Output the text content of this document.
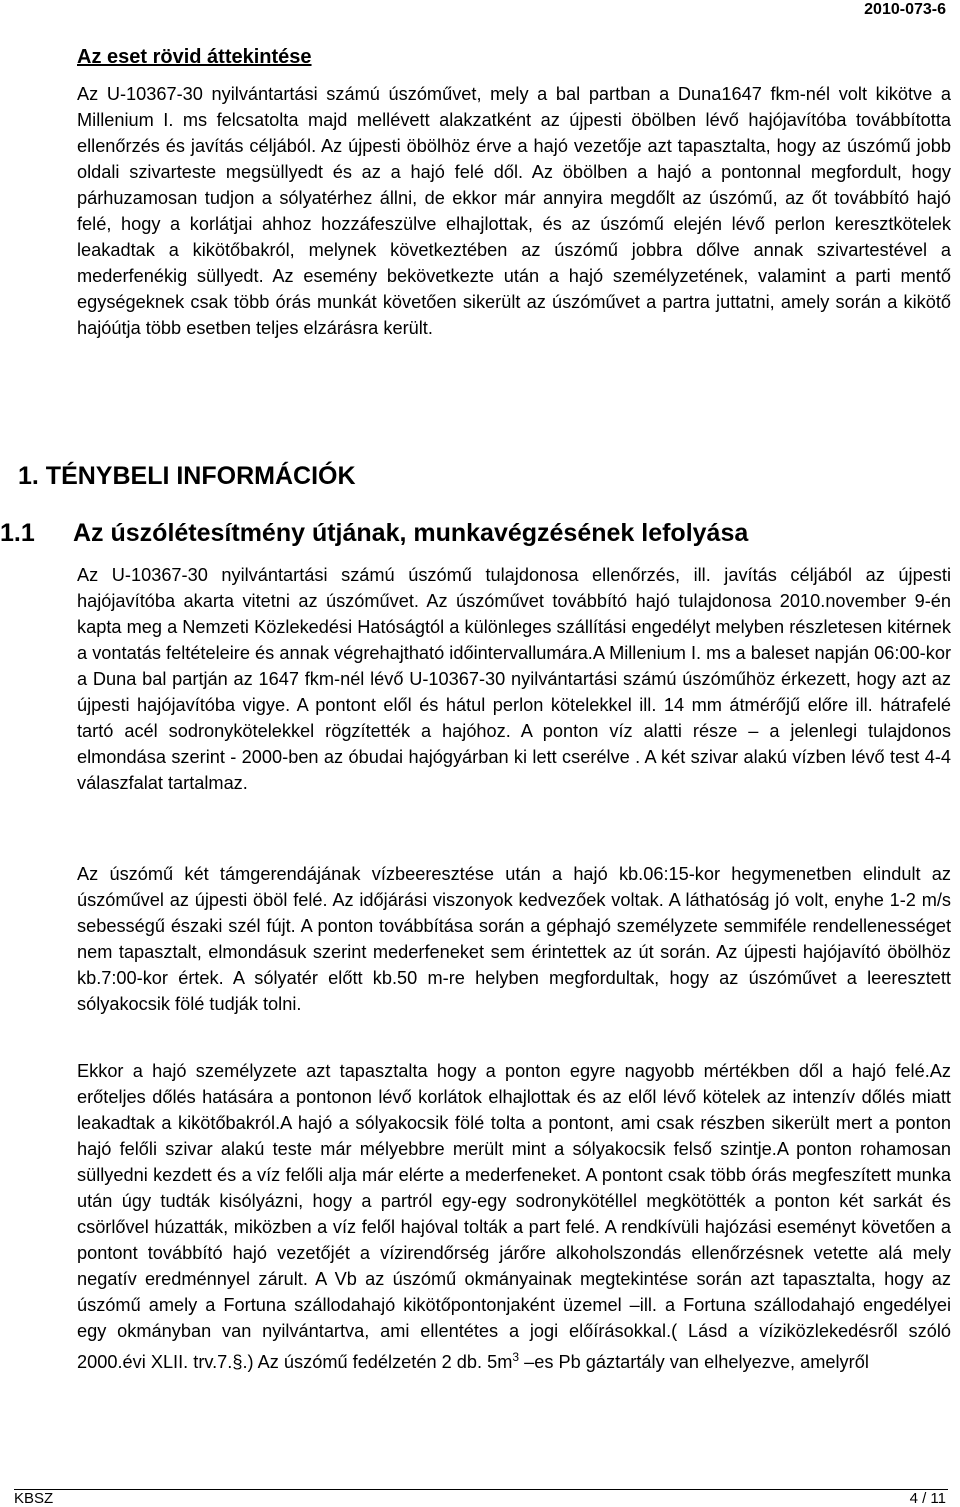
2010-073-6
Az eset rövid áttekintése

Az U-10367-30 nyilvántartási számú úszóművet, mely a bal partban a Duna1647 fkm-nél volt kikötve a Millenium I. ms felcsatolta majd mellévett alakzatként az újpesti öbölben lévő hajójavítóba továbbította ellenőrzés és javítás céljából. Az újpesti öbölhöz érve a hajó vezetője azt tapasztalta, hogy az úszómű jobb oldali szivarteste megsüllyedt és az a hajó felé dől. Az öbölben a hajó a pontonnal megfordult, hogy párhuzamosan tudjon a sólyatérhez állni, de ekkor már annyira megdőlt az úszómű, az őt továbbító hajó felé, hogy a korlátjai ahhoz hozzáfeszülve elhajlottak, és az úszómű elején lévő perlon keresztkötelek leakadtak a kikötőbakról, melynek következtében az úszómű jobbra dőlve annak szivartestével a mederfenékig süllyedt. Az esemény bekövetkezte után a hajó személyzetének, valamint a parti mentő egységeknek csak több órás munkát követően sikerült az úszóművet a partra juttatni, amely során a kikötő hajóútja több esetben teljes elzárásra került.

1. TÉNYBELI INFORMÁCIÓK
1.1 Az úszólétesítmény útjának, munkavégzésének lefolyása

Az U-10367-30 nyilvántartási számú úszómű tulajdonosa ellenőrzés, ill. javítás céljából az újpesti hajójavítóba akarta vitetni az úszóművet. Az úszóművet továbbító hajó tulajdonosa 2010.november 9-én kapta meg a Nemzeti Közlekedési Hatóságtól a különleges szállítási engedélyt melyben részletesen kitérnek a vontatás feltételeire és annak végrehajtható időintervallumára.A Millenium I. ms a baleset napján 06:00-kor a Duna bal partján az 1647 fkm-nél lévő U-10367-30 nyilvántartási számú úszóműhöz érkezett, hogy azt az újpesti hajójavítóba vigye. A pontont elől és hátul perlon kötelekkel ill. 14 mm átmérőjű előre ill. hátrafelé tartó acél sodronykötelekkel rögzítették a hajóhoz. A ponton víz alatti része – a jelenlegi tulajdonos elmondása szerint - 2000-ben az óbudai hajógyárban ki lett cserélve . A két szivar alakú vízben lévő test 4-4 válaszfalat tartalmaz.

Az úszómű két támgerendájának vízbeeresztése után a hajó kb.06:15-kor hegymenetben elindult az úszóművel az újpesti öböl felé. Az időjárási viszonyok kedvezőek voltak. A láthatóság jó volt, enyhe 1-2 m/s sebességű északi szél fújt. A ponton továbbítása során a géphajó személyzete semmiféle rendellenességet nem tapasztalt, elmondásuk szerint mederfeneket sem érintettek az út során. Az újpesti hajójavító öbölhöz kb.7:00-kor értek. A sólyatér előtt kb.50 m-re helyben megfordultak, hogy az úszóművet a leeresztett sólyakocsik fölé tudják tolni.

Ekkor a hajó személyzete azt tapasztalta hogy a ponton egyre nagyobb mértékben dől a hajó felé.Az erőteljes dőlés hatására a pontonon lévő korlátok elhajlottak és az elől lévő kötelek az intenzív dőlés miatt leakadtak a kikötőbakról.A hajó a sólyakocsik fölé tolta a pontont, ami csak részben sikerült mert a ponton hajó felőli szivar alakú teste már mélyebbre merült mint a sólyakocsik felső szintje.A ponton rohamosan süllyedni kezdett és a víz felőli alja már elérte a mederfeneket. A pontont csak több órás megfeszített munka után úgy tudták kisólyázni, hogy a partról egy-egy sodronykötéllel megkötötték a ponton két sarkát és csörlővel húzatták, miközben a víz felől hajóval tolták a part felé. A rendkívüli hajózási eseményt követően a pontont továbbító hajó vezetőjét a vízirendőrség járőre alkoholszondás ellenőrzésnek vetette alá mely negatív eredménnyel zárult. A Vb az úszómű okmányainak megtekintése során azt tapasztalta, hogy az úszómű amely a Fortuna szállodahajó kikötőpontonjaként üzemel –ill. a Fortuna szállodahajó engedélyei egy okmányban van nyilvántartva, ami ellentétes a jogi előírásokkal.( Lásd a víziközlekedésről szóló 2000.évi XLII. trv.7.§.) Az úszómű fedélzetén 2 db. $5m^3$ –es Pb gáztartály van elhelyezve, amelyről

KBSZ	4 / 11
